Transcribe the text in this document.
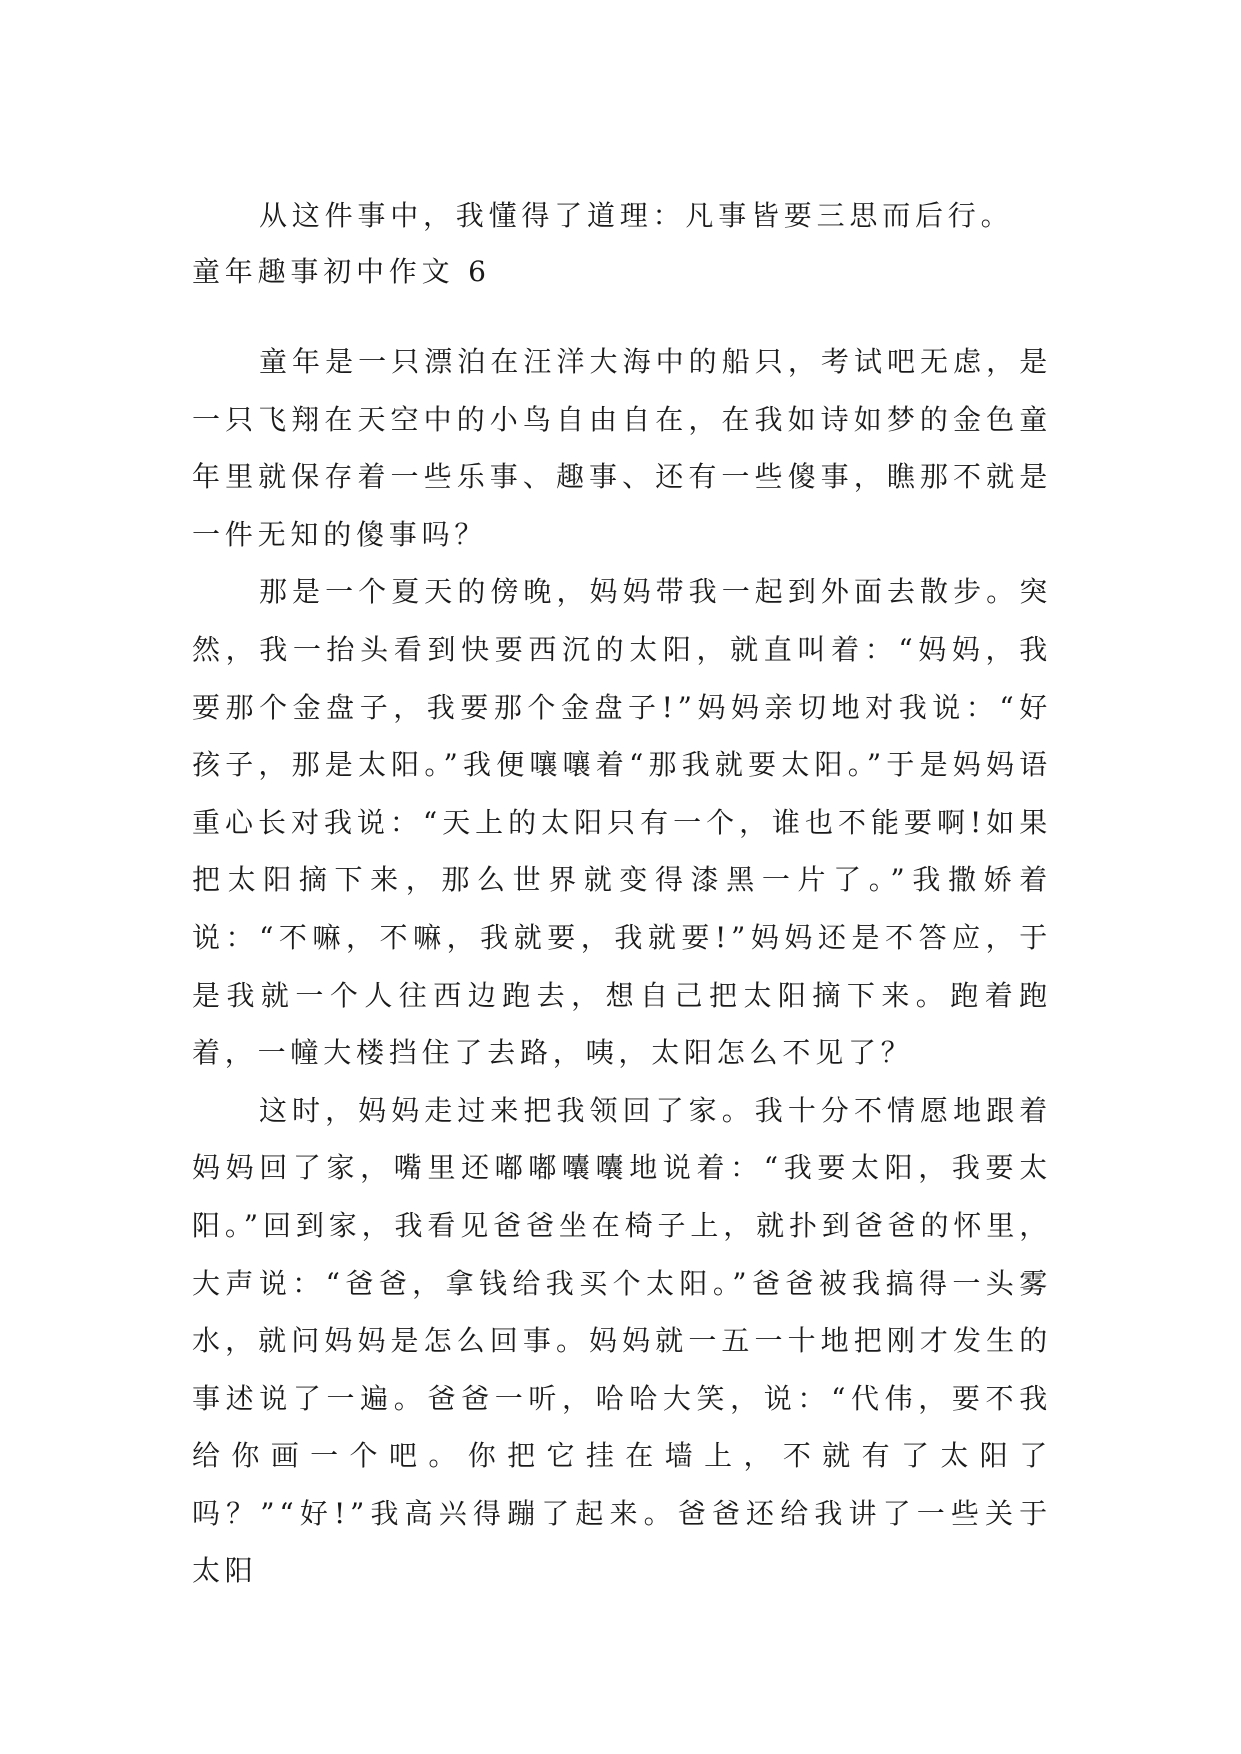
从这件事中，我懂得了道理：凡事皆要三思而后行。

童年趣事初中作文 6

童年是一只漂泊在汪洋大海中的船只，考试吧无虑，是一只飞翔在天空中的小鸟自由自在，在我如诗如梦的金色童年里就保存着一些乐事、趣事、还有一些傻事，瞧那不就是一件无知的傻事吗？

那是一个夏天的傍晚，妈妈带我一起到外面去散步。突然，我一抬头看到快要西沉的太阳，就直叫着：“妈妈，我要那个金盘子，我要那个金盘子!”妈妈亲切地对我说：“好孩子，那是太阳。”我便嚷嚷着“那我就要太阳。”于是妈妈语重心长对我说：“天上的太阳只有一个，谁也不能要啊!如果把太阳摘下来，那么世界就变得漆黑一片了。”我撒娇着说：“不嘛，不嘛，我就要，我就要!”妈妈还是不答应，于是我就一个人往西边跑去，想自己把太阳摘下来。跑着跑着，一幢大楼挡住了去路，咦，太阳怎么不见了？

这时，妈妈走过来把我领回了家。我十分不情愿地跟着妈妈回了家，嘴里还嘟嘟囔囔地说着：“我要太阳，我要太阳。”回到家，我看见爸爸坐在椅子上，就扑到爸爸的怀里，大声说：“爸爸，拿钱给我买个太阳。”爸爸被我搞得一头雾水，就问妈妈是怎么回事。妈妈就一五一十地把刚才发生的事述说了一遍。爸爸一听，哈哈大笑，说：“代伟，要不我给你画一个吧。你把它挂在墙上，不就有了太阳了吗？”“好!”我高兴得蹦了起来。爸爸还给我讲了一些关于太阳
